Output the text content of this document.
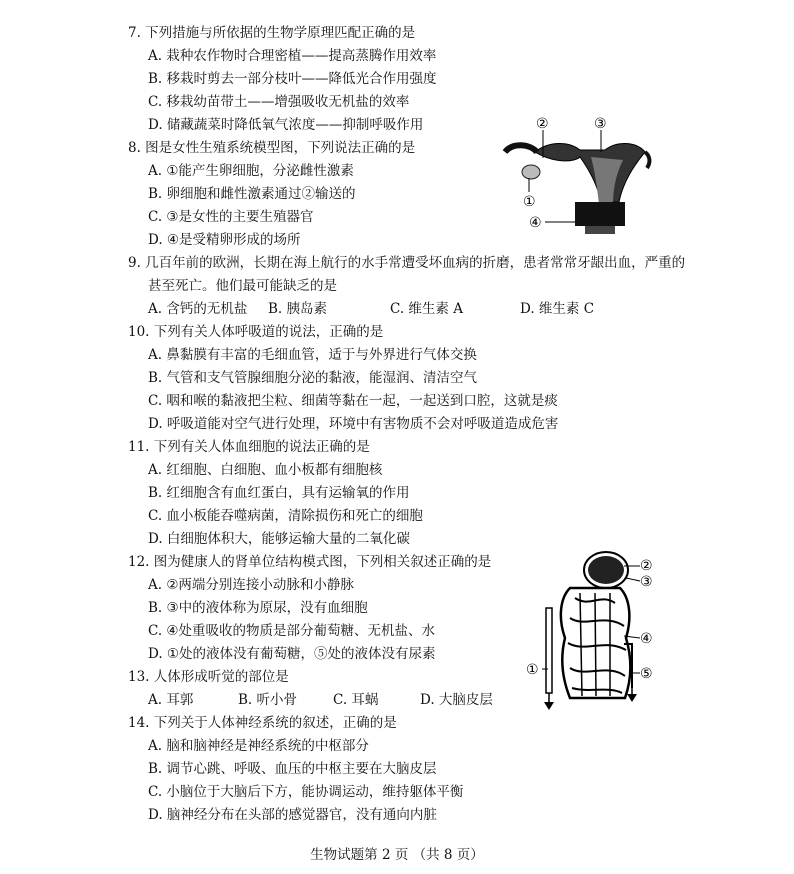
7. 下列措施与所依据的生物学原理匹配正确的是
A. 栽种农作物时合理密植——提高蒸腾作用效率
B. 移栽时剪去一部分枝叶——降低光合作用强度
C. 移栽幼苗带土——增强吸收无机盐的效率
D. 储藏蔬菜时降低氧气浓度——抑制呼吸作用
8. 图是女性生殖系统模型图，下列说法正确的是
A. ①能产生卵细胞，分泌雌性激素
B. 卵细胞和雌性激素通过②输送的
C. ③是女性的主要生殖器官
D. ④是受精卵形成的场所
②	③
①
④
9. 几百年前的欧洲，长期在海上航行的水手常遭受坏血病的折磨，患者常常牙龈出血，严重的
甚至死亡。他们最可能缺乏的是
A. 含钙的无机盐 B. 胰岛素	C. 维生素 A	D. 维生素 C
10. 下列有关人体呼吸道的说法，正确的是
A. 鼻黏膜有丰富的毛细血管，适于与外界进行气体交换
B. 气管和支气管腺细胞分泌的黏液，能湿润、清洁空气
C. 咽和喉的黏液把尘粒、细菌等黏在一起，一起送到口腔，这就是痰
D. 呼吸道能对空气进行处理，环境中有害物质不会对呼吸道造成危害
11. 下列有关人体血细胞的说法正确的是
A. 红细胞、白细胞、血小板都有细胞核
B. 红细胞含有血红蛋白，具有运输氧的作用
C. 血小板能吞噬病菌，清除损伤和死亡的细胞
D. 白细胞体积大，能够运输大量的二氧化碳
12. 图为健康人的肾单位结构模式图，下列相关叙述正确的是
A. ②两端分别连接小动脉和小静脉
B. ③中的液体称为原尿，没有血细胞
C. ④处重吸收的物质是部分葡萄糖、无机盐、水
D. ①处的液体没有葡萄糖，⑤处的液体没有尿素
②
③
④
①	⑤
13. 人体形成听觉的部位是
A. 耳郭	B. 听小骨	C. 耳蜗	D. 大脑皮层
14. 下列关于人体神经系统的叙述，正确的是
A. 脑和脑神经是神经系统的中枢部分
B. 调节心跳、呼吸、血压的中枢主要在大脑皮层
C. 小脑位于大脑后下方，能协调运动，维持躯体平衡
D. 脑神经分布在头部的感觉器官，没有通向内脏
生物试题第 2 页 （共 8 页）
